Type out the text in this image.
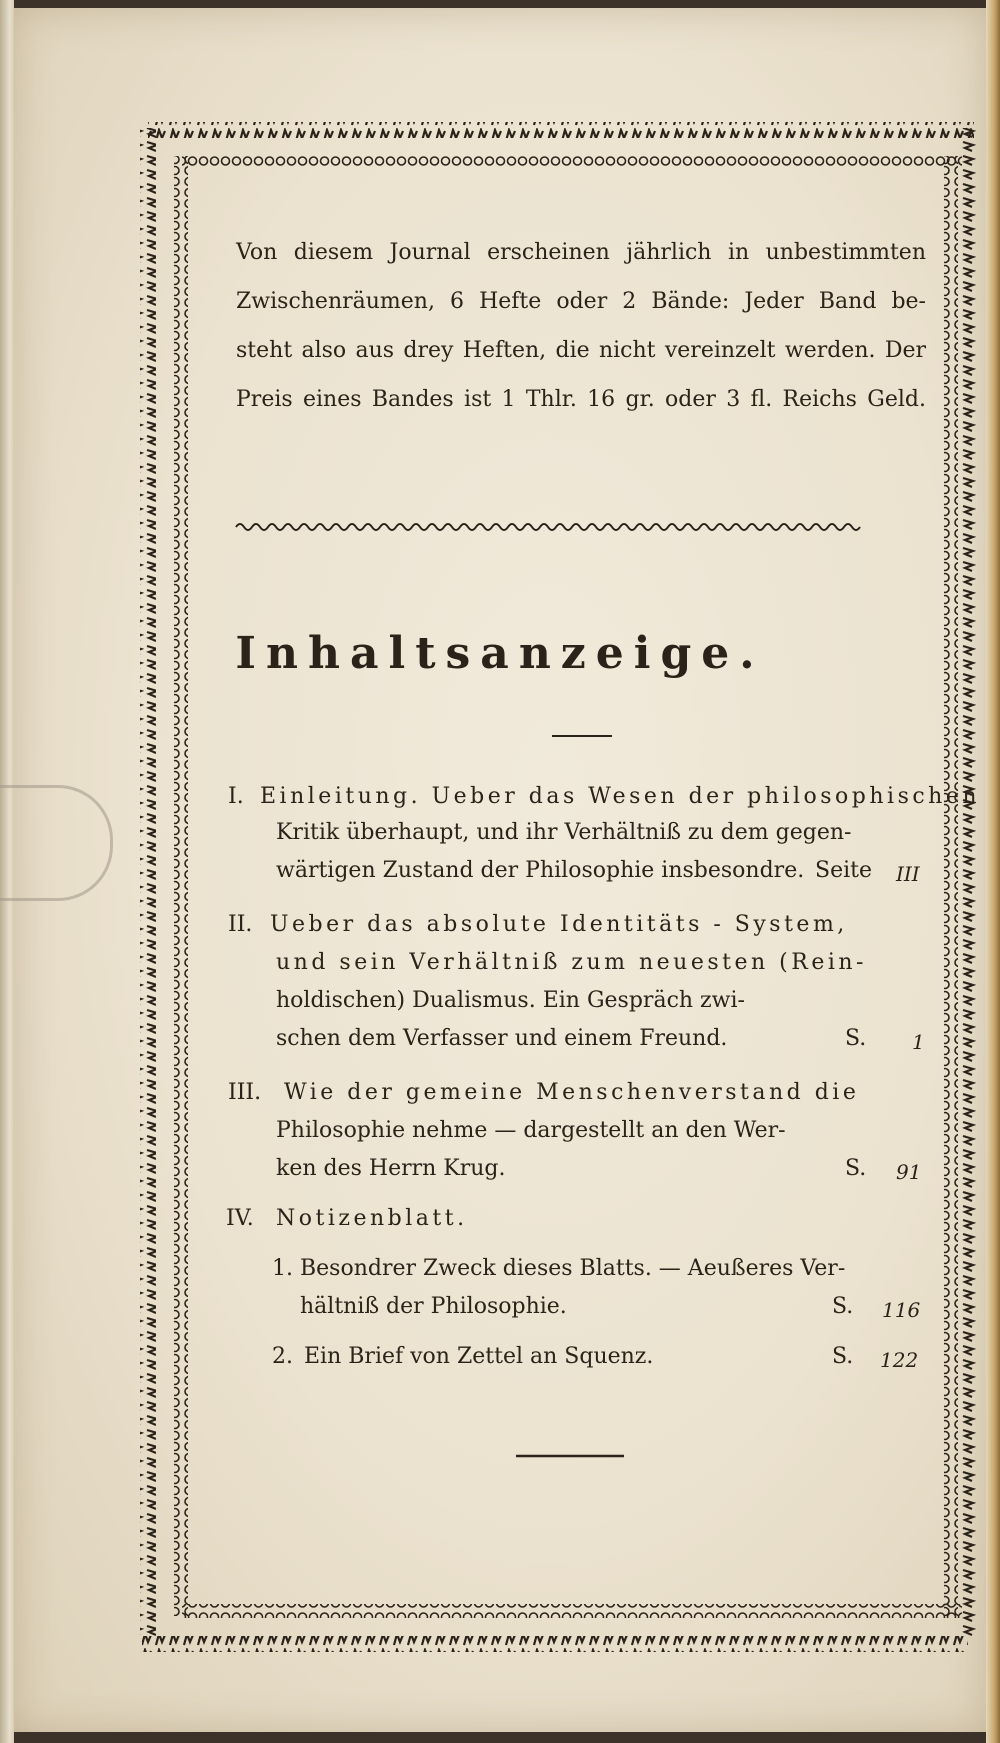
Von diesem Journal erscheinen jährlich in unbestimmten
Zwischenräumen, 6 Hefte oder 2 Bände: Jeder Band be-
steht also aus drey Heften, die nicht vereinzelt werden. Der
Preis eines Bandes ist 1 Thlr. 16 gr. oder 3 fl. Reichs Geld.
Inhaltsanzeige.
I. Einleitung. Ueber das Wesen der philosophischen
Kritik überhaupt, und ihr Verhältniß zu dem gegen-
wärtigen Zustand der Philosophie insbesondre. Seite III
II. Ueber das absolute Identitäts - System,
und sein Verhältniß zum neuesten (Rein-
holdischen) Dualismus. Ein Gespräch zwi-
schen dem Verfasser und einem Freund.	S. 1
III. Wie der gemeine Menschenverstand die
Philosophie nehme — dargestellt an den Wer-
ken des Herrn Krug.	S. 91
IV. Notizenblatt.
1. Besondrer Zweck dieses Blatts. — Aeußeres Ver-
hältniß der Philosophie.	S. 116
2. Ein Brief von Zettel an Squenz.	S. 122
